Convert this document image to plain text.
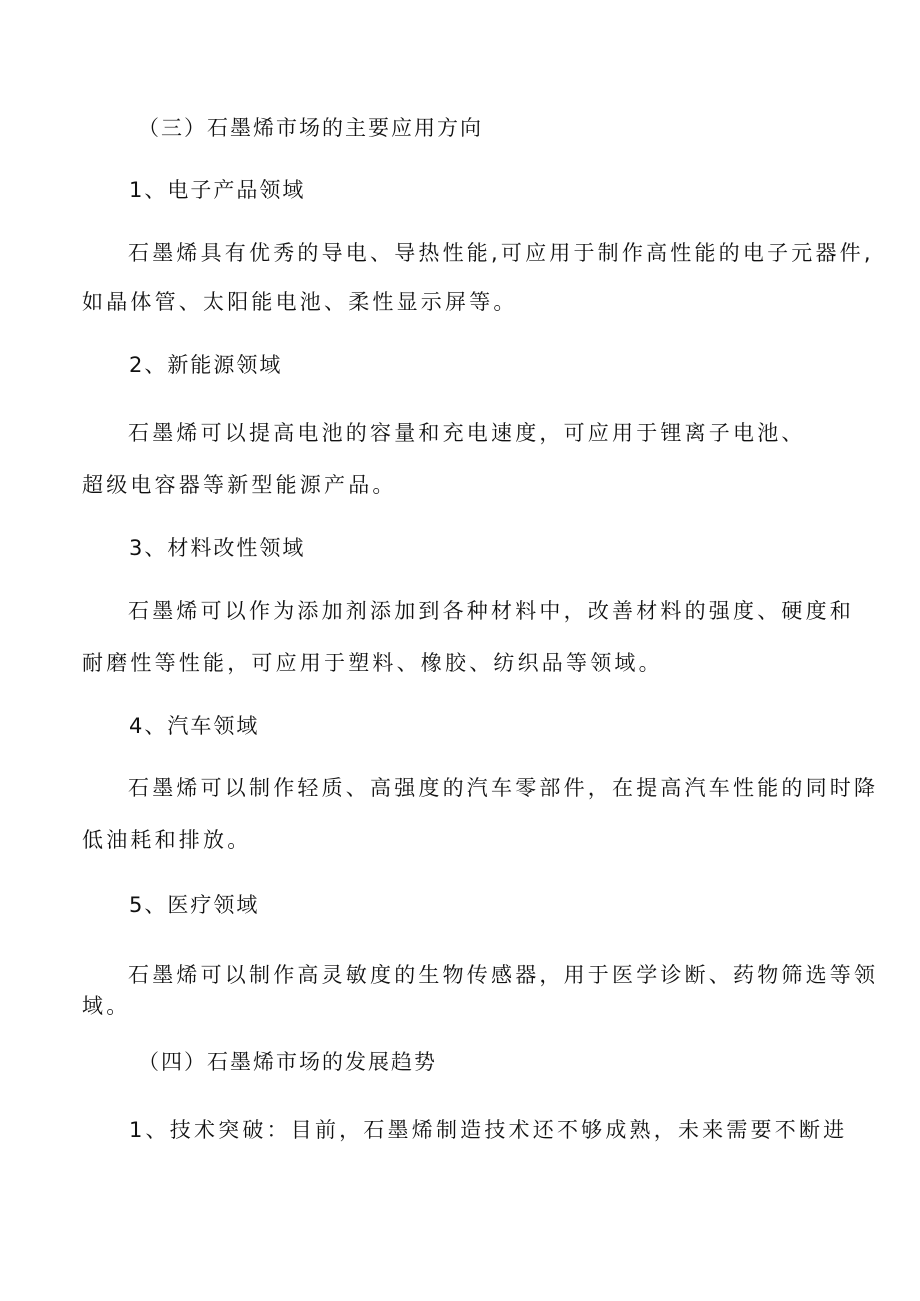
（三）石墨烯市场的主要应用方向
1、电子产品领域
石墨烯具有优秀的导电、导热性能,可应用于制作高性能的电子元器件,
如晶体管、太阳能电池、柔性显示屏等。
2、新能源领域
石墨烯可以提高电池的容量和充电速度，可应用于锂离子电池、
超级电容器等新型能源产品。
3、材料改性领域
石墨烯可以作为添加剂添加到各种材料中，改善材料的强度、硬度和
耐磨性等性能，可应用于塑料、橡胶、纺织品等领域。
4、汽车领域
石墨烯可以制作轻质、高强度的汽车零部件，在提高汽车性能的同时降
低油耗和排放。
5、医疗领域
石墨烯可以制作高灵敏度的生物传感器，用于医学诊断、药物筛选等领
域。
（四）石墨烯市场的发展趋势
1、技术突破：目前，石墨烯制造技术还不够成熟，未来需要不断进
